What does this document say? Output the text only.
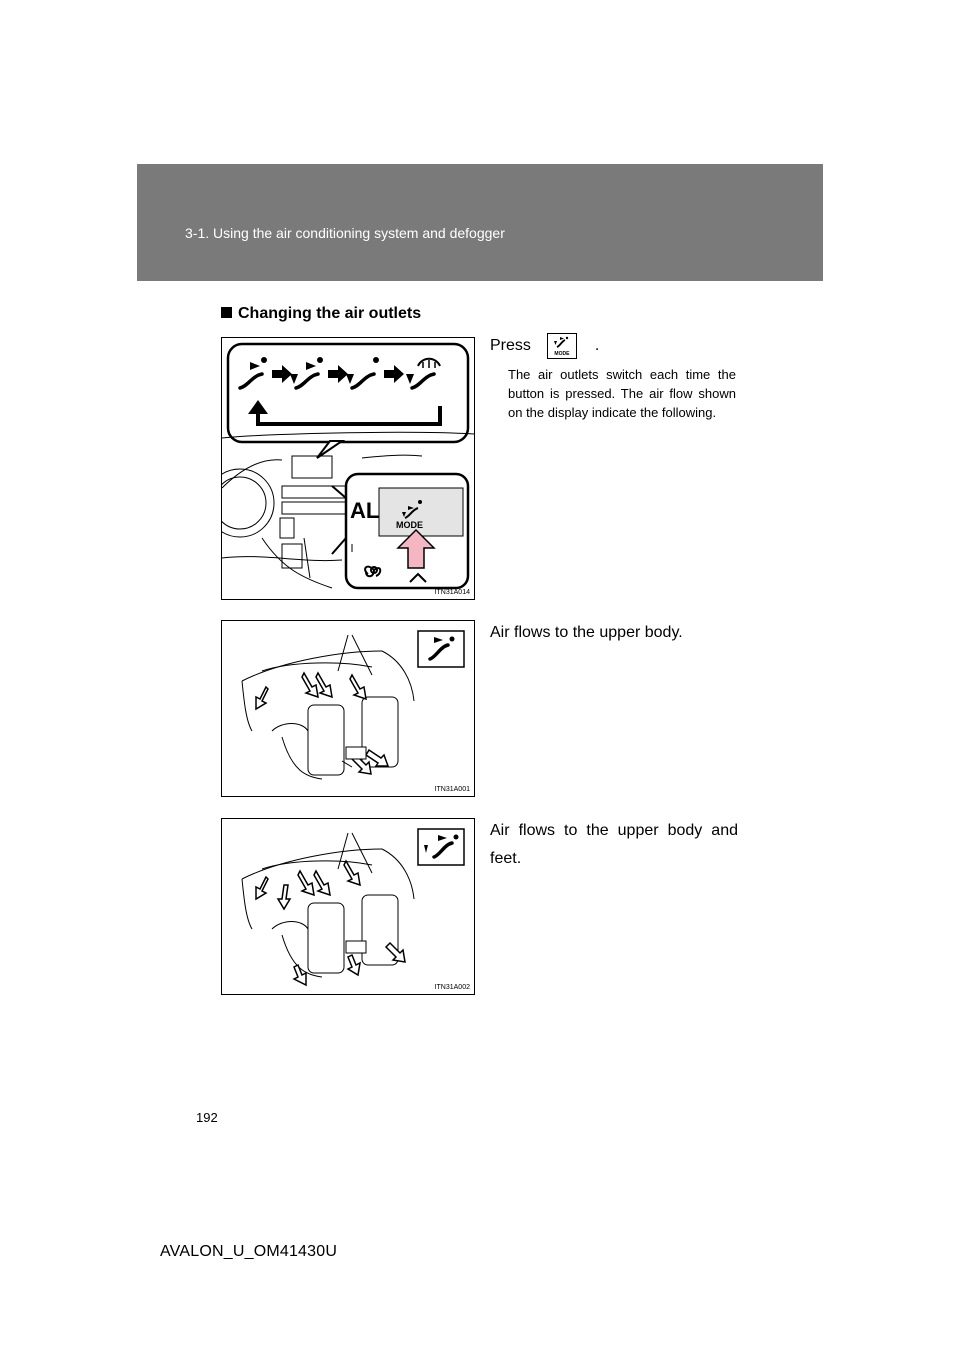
3-1. Using the air conditioning system and defogger
Changing the air outlets
AL
MODE
ITN31A014
Press	MODE	.
The air outlets switch each time the button is pressed. The air flow shown on the display indicate the following.
ITN31A001
Air flows to the upper body.
ITN31A002
Air flows to the upper body and feet.
192
AVALON_U_OM41430U
